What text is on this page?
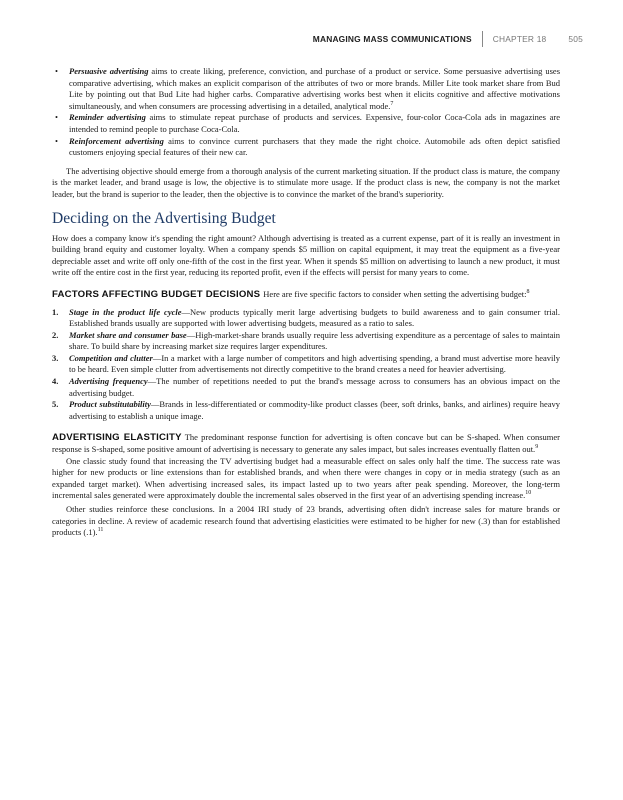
MANAGING MASS COMMUNICATIONS	CHAPTER 18	505
• Persuasive advertising aims to create liking, preference, conviction, and purchase of a product or service. Some persuasive advertising uses comparative advertising, which makes an explicit comparison of the attributes of two or more brands. Miller Lite took market share from Bud Lite by pointing out that Bud Lite had higher carbs. Comparative advertising works best when it elicits cognitive and affective motivations simultaneously, and when consumers are processing advertising in a detailed, analytical mode.$^7$
• Reminder advertising aims to stimulate repeat purchase of products and services. Expensive, four-color Coca-Cola ads in magazines are intended to remind people to purchase Coca-Cola.
• Reinforcement advertising aims to convince current purchasers that they made the right choice. Automobile ads often depict satisfied customers enjoying special features of their new car.

The advertising objective should emerge from a thorough analysis of the current marketing situation. If the product class is mature, the company is the market leader, and brand usage is low, the objective is to stimulate more usage. If the product class is new, the company is not the market leader, but the brand is superior to the leader, then the objective is to convince the market of the brand's superiority.

Deciding on the Advertising Budget

How does a company know it's spending the right amount? Although advertising is treated as a current expense, part of it is really an investment in building brand equity and customer loyalty. When a company spends $5 million on capital equipment, it may treat the equipment as a five-year depreciable asset and write off only one-fifth of the cost in the first year. When it spends $5 million on advertising to launch a new product, it must write off the entire cost in the first year, reducing its reported profit, even if the effects will persist for many years to come.

FACTORS AFFECTING BUDGET DECISIONS Here are five specific factors to consider when setting the advertising budget:$^8$

1. Stage in the product life cycle—New products typically merit large advertising budgets to build awareness and to gain consumer trial. Established brands usually are supported with lower advertising budgets, measured as a ratio to sales.
2. Market share and consumer base—High-market-share brands usually require less advertising expenditure as a percentage of sales to maintain share. To build share by increasing market size requires larger expenditures.
3. Competition and clutter—In a market with a large number of competitors and high advertising spending, a brand must advertise more heavily to be heard. Even simple clutter from advertisements not directly competitive to the brand creates a need for heavier advertising.
4. Advertising frequency—The number of repetitions needed to put the brand's message across to consumers has an obvious impact on the advertising budget.
5. Product substitutability—Brands in less-differentiated or commodity-like product classes (beer, soft drinks, banks, and airlines) require heavy advertising to establish a unique image.

ADVERTISING ELASTICITY The predominant response function for advertising is often concave but can be S-shaped. When consumer response is S-shaped, some positive amount of advertising is necessary to generate any sales impact, but sales increases eventually flatten out.$^9$

One classic study found that increasing the TV advertising budget had a measurable effect on sales only half the time. The success rate was higher for new products or line extensions than for established brands, and when there were changes in copy or in media strategy (such as an expanded target market). When advertising increased sales, its impact lasted up to two years after peak spending. Moreover, the long-term incremental sales generated were approximately double the incremental sales observed in the first year of an advertising spending increase.$^{10}$

Other studies reinforce these conclusions. In a 2004 IRI study of 23 brands, advertising often didn't increase sales for mature brands or categories in decline. A review of academic research found that advertising elasticities were estimated to be higher for new (.3) than for established products (.1).$^{11}$
